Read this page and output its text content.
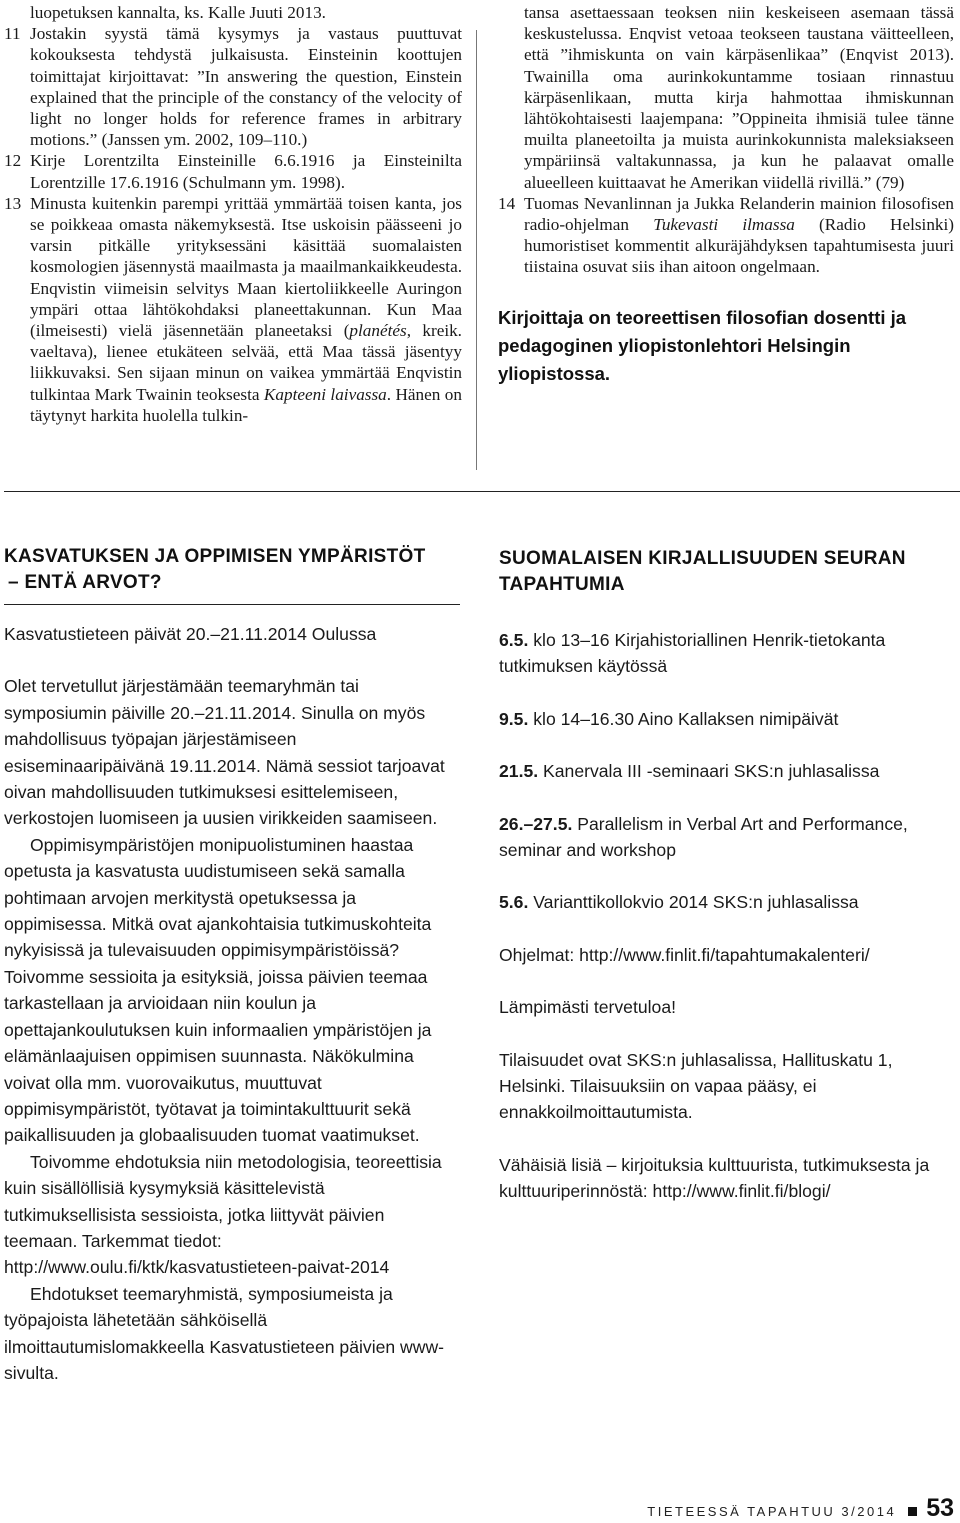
luopetuksen kannalta, ks. Kalle Juuti 2013.

11 Jostakin syystä tämä kysymys ja vastaus puuttuvat kokouksesta tehdystä julkaisusta. Einsteinin koottujen toimittajat kirjoittavat: ”In answering the question, Einstein explained that the principle of the constancy of the velocity of light no longer holds for reference frames in arbitrary motions.” (Janssen ym. 2002, 109–110.)
12 Kirje Lorentzilta Einsteinille 6.6.1916 ja Einsteinilta Lorentzille 17.6.1916 (Schulmann ym. 1998).
13 Minusta kuitenkin parempi yrittää ymmärtää toisen kanta, jos se poikkeaa omasta näkemyksestä. Itse uskoisin päässeeni jo varsin pitkälle yrityksessäni käsittää suomalaisten kosmologien jäsennystä maailmasta ja maailmankaikkeudesta. Enqvistin viimeisin selvitys Maan kiertoliikkeelle Auringon ympäri ottaa lähtökohdaksi planeettakunnan. Kun Maa (ilmeisesti) vielä jäsennetään planeetaksi (planétés, kreik. vaeltava), lienee etukäteen selvää, että Maa tässä jäsentyy liikkuvaksi. Sen sijaan minun on vaikea ymmärtää Enqvistin tulkintaa Mark Twainin teoksesta Kapteeni laivassa. Hänen on täytynyt harkita huolella tulkin-

tansa asettaessaan teoksen niin keskeiseen asemaan tässä keskustelussa. Enqvist vetoaa teokseen taustana väitteelleen, että ”ihmiskunta on vain kärpäsenlikaa” (Enqvist 2013). Twainilla oma aurinkokuntamme tosiaan rinnastuu kärpäsenlikaan, mutta kirja hahmottaa ihmiskunnan lähtökohtaisesti laajempana: ”Oppineita ihmisiä tulee tänne muilta planeetoilta ja muista aurinkokunnista maleksiakseen ympäriinsä valtakunnassa, ja kun he palaavat omalle alueelleen kuittaavat he Amerikan viidellä rivillä.” (79)

14 Tuomas Nevanlinnan ja Jukka Relanderin mainion filosofisen radio-ohjelman Tukevasti ilmassa (Radio Helsinki) humoristiset kommentit alkuräjähdyksen tapahtumisesta juuri tiistaina osuvat siis ihan aitoon ongelmaan.

Kirjoittaja on teoreettisen filosofian dosentti ja pedagoginen yliopistonlehtori Helsingin yliopistossa.

KASVATUKSEN JA OPPIMISEN YMPÄRISTÖT
– ENTÄ ARVOT?

Kasvatustieteen päivät 20.–21.11.2014 Oulussa

Olet tervetullut järjestämään teemaryhmän tai symposiumin päiville 20.–21.11.2014. Sinulla on myös mahdollisuus työpajan järjestämiseen esiseminaaripäivänä 19.11.2014. Nämä sessiot tarjoavat oivan mahdollisuuden tutkimuksesi esittelemiseen, verkostojen luomiseen ja uusien virikkeiden saamiseen.

Oppimisympäristöjen monipuolistuminen haastaa opetusta ja kasvatusta uudistumiseen sekä samalla pohtimaan arvojen merkitystä opetuksessa ja oppimisessa. Mitkä ovat ajankohtaisia tutkimuskohteita nykyisissä ja tulevaisuuden oppimisympäristöissä? Toivomme sessioita ja esityksiä, joissa päivien teemaa tarkastellaan ja arvioidaan niin koulun ja opettajankoulutuksen kuin informaalien ympäristöjen ja elämänlaajuisen oppimisen suunnasta. Näkökulmina voivat olla mm. vuorovaikutus, muuttuvat oppimisympäristöt, työtavat ja toimintakulttuurit sekä paikallisuuden ja globaalisuuden tuomat vaatimukset.

Toivomme ehdotuksia niin metodologisia, teoreettisia kuin sisällöllisiä kysymyksiä käsittelevistä tutkimuksellisista sessioista, jotka liittyvät päivien teemaan. Tarkemmat tiedot: http://www.oulu.fi/ktk/kasvatustieteen-paivat-2014

Ehdotukset teemaryhmistä, symposiumeista ja työpajoista lähetetään sähköisellä ilmoittautumislomakkeella Kasvatustieteen päivien www-sivulta.

SUOMALAISEN KIRJALLISUUDEN SEURAN
TAPAHTUMIA

6.5. klo 13–16 Kirjahistoriallinen Henrik-tietokanta tutkimuksen käytössä

9.5. klo 14–16.30 Aino Kallaksen nimipäivät

21.5. Kanervala III -seminaari SKS:n juhlasalissa

26.–27.5. Parallelism in Verbal Art and Performance, seminar and workshop

5.6. Varianttikollokvio 2014 SKS:n juhlasalissa

Ohjelmat: http://www.finlit.fi/tapahtumakalenteri/

Lämpimästi tervetuloa!

Tilaisuudet ovat SKS:n juhlasalissa, Hallituskatu 1, Helsinki. Tilaisuuksiin on vapaa pääsy, ei ennakkoilmoittautumista.

Vähäisiä lisiä – kirjoituksia kulttuurista, tutkimuksesta ja kulttuuriperinnöstä: http://www.finlit.fi/blogi/

TIETEESSÄ TAPAHTUU 3/2014 53
